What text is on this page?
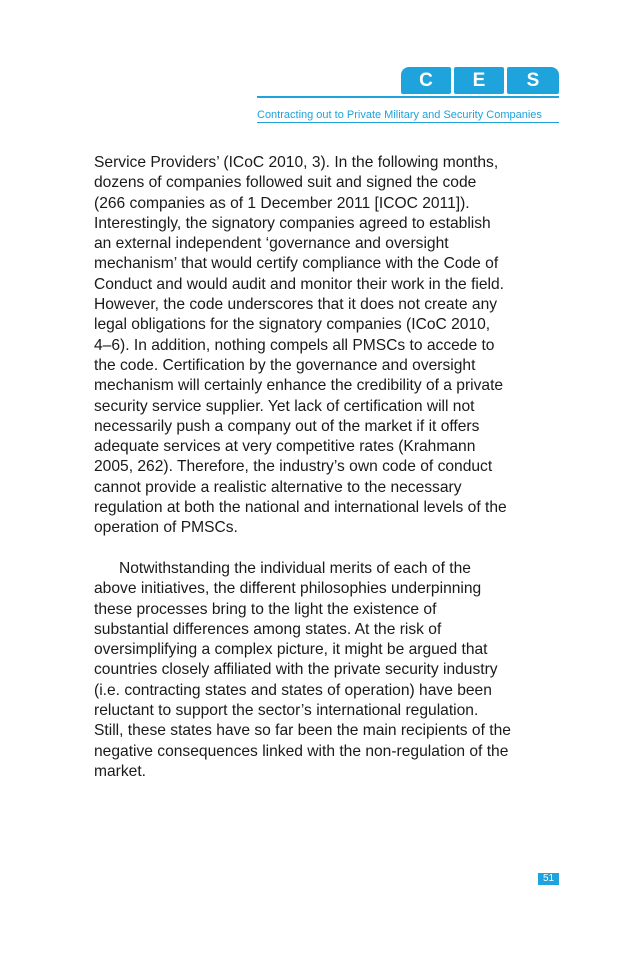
C	E	S
Contracting out to Private Military and Security Companies

Service Providers’ (ICoC 2010, 3). In the following months,
dozens of companies followed suit and signed the code
(266 companies as of 1 December 2011 [ICOC 2011]).
Interestingly, the signatory companies agreed to establish
an external independent ‘governance and oversight
mechanism’ that would certify compliance with the Code of
Conduct and would audit and monitor their work in the field.
However, the code underscores that it does not create any
legal obligations for the signatory companies (ICoC 2010,
4–6). In addition, nothing compels all PMSCs to accede to
the code. Certification by the governance and oversight
mechanism will certainly enhance the credibility of a private
security service supplier. Yet lack of certification will not
necessarily push a company out of the market if it offers
adequate services at very competitive rates (Krahmann
2005, 262). Therefore, the industry’s own code of conduct
cannot provide a realistic alternative to the necessary
regulation at both the national and international levels of the
operation of PMSCs.

Notwithstanding the individual merits of each of the
above initiatives, the different philosophies underpinning
these processes bring to the light the existence of
substantial differences among states. At the risk of
oversimplifying a complex picture, it might be argued that
countries closely affiliated with the private security industry
(i.e. contracting states and states of operation) have been
reluctant to support the sector’s international regulation.
Still, these states have so far been the main recipients of the
negative consequences linked with the non-regulation of the
market.

51
